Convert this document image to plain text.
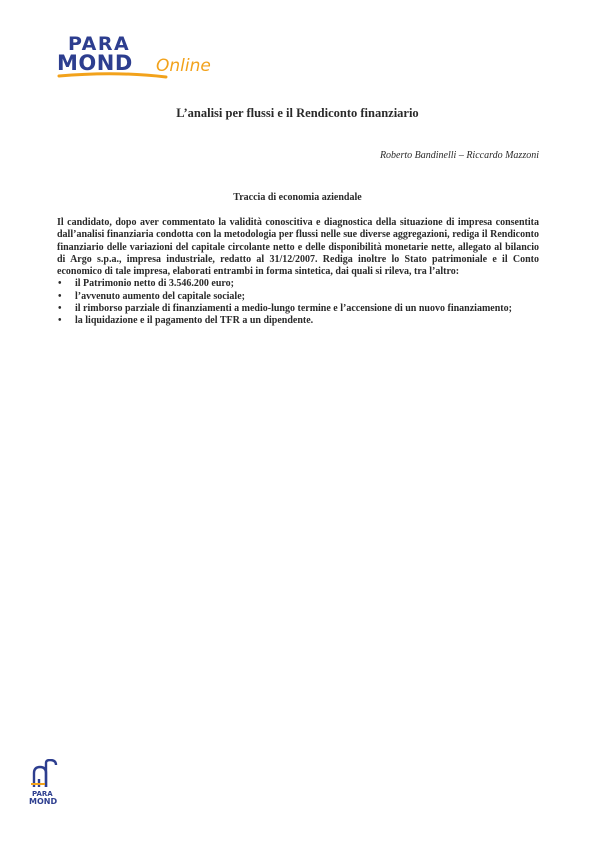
PARA
MOND Online
L’analisi per flussi e il Rendiconto finanziario
Roberto Bandinelli – Riccardo Mazzoni
Traccia di economia aziendale

Il candidato, dopo aver commentato la validità conoscitiva e diagnostica della situazione di impresa consentita dall’analisi finanziaria condotta con la metodologia per flussi nelle sue diverse aggregazioni, rediga il Rendiconto finanziario delle variazioni del capitale circolante netto e delle disponibilità monetarie nette, allegato al bilancio di Argo s.p.a., impresa industriale, redatto al 31/12/2007. Rediga inoltre lo Stato patrimoniale e il Conto economico di tale impresa, elaborati entrambi in forma sintetica, dai quali si rileva, tra l’altro:

• il Patrimonio netto di 3.546.200 euro;
• l’avvenuto aumento del capitale sociale;
• il rimborso parziale di finanziamenti a medio-lungo termine e l’accensione di un nuovo finanziamento;
• la liquidazione e il pagamento del TFR a un dipendente.
PARA
MOND
